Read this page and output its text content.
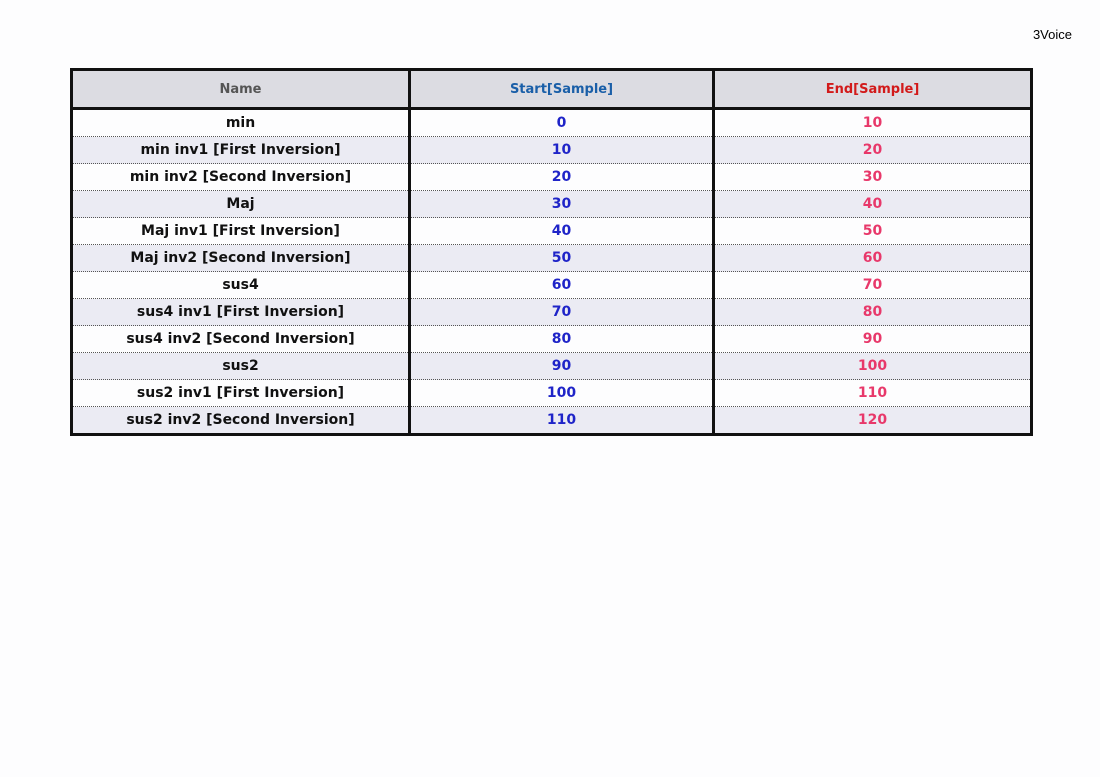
3Voice
Name	Start[Sample]	End[Sample]
min	0	10
min inv1 [First Inversion]	10	20
min inv2 [Second Inversion]	20	30
Maj	30	40
Maj inv1 [First Inversion]	40	50
Maj inv2 [Second Inversion]	50	60
sus4	60	70
sus4 inv1 [First Inversion]	70	80
sus4 inv2 [Second Inversion]	80	90
sus2	90	100
sus2 inv1 [First Inversion]	100	110
sus2 inv2 [Second Inversion]	110	120
